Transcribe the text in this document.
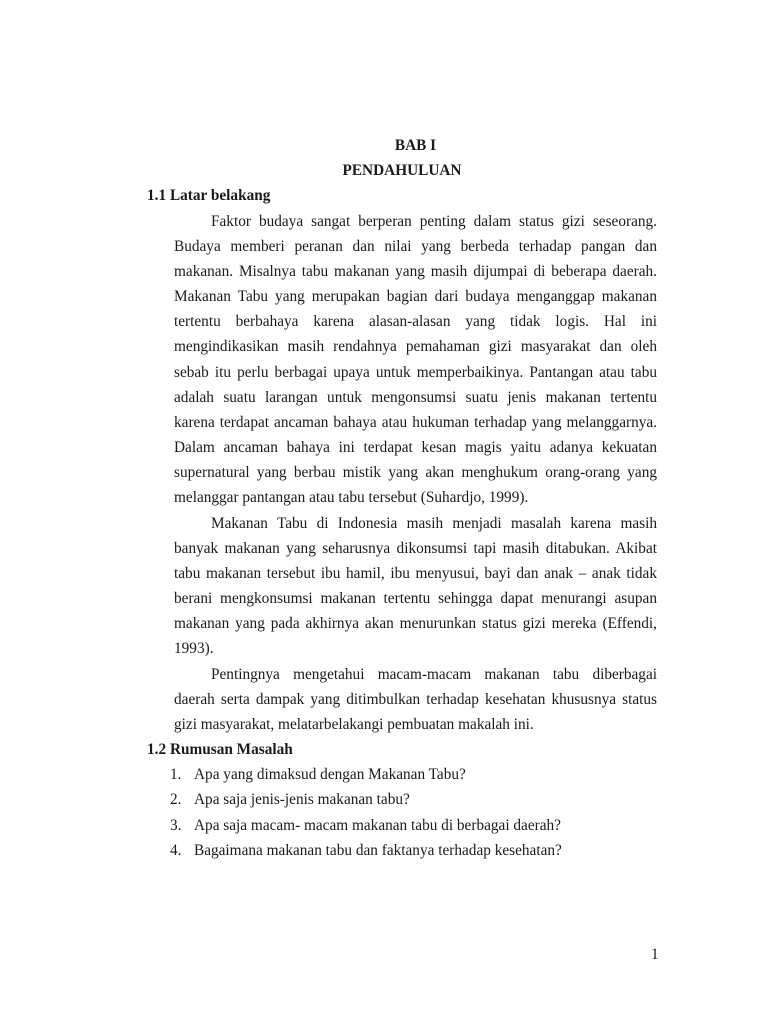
BAB I
PENDAHULUAN
1.1 Latar belakang
Faktor budaya sangat berperan penting dalam status gizi seseorang.
Budaya memberi peranan dan nilai yang berbeda terhadap pangan dan
makanan. Misalnya tabu makanan yang masih dijumpai di beberapa daerah.
Makanan Tabu yang merupakan bagian dari budaya menganggap makanan
tertentu berbahaya karena alasan-alasan yang tidak logis. Hal ini
mengindikasikan masih rendahnya pemahaman gizi masyarakat dan oleh
sebab itu perlu berbagai upaya untuk memperbaikinya. Pantangan atau tabu
adalah suatu larangan untuk mengonsumsi suatu jenis makanan tertentu
karena terdapat ancaman bahaya atau hukuman terhadap yang melanggarnya.
Dalam ancaman bahaya ini terdapat kesan magis yaitu adanya kekuatan
supernatural yang berbau mistik yang akan menghukum orang-orang yang
melanggar pantangan atau tabu tersebut (Suhardjo, 1999).
Makanan Tabu di Indonesia masih menjadi masalah karena masih
banyak makanan yang seharusnya dikonsumsi tapi masih ditabukan. Akibat
tabu makanan tersebut ibu hamil, ibu menyusui, bayi dan anak – anak tidak
berani mengkonsumsi makanan tertentu sehingga dapat menurangi asupan
makanan yang pada akhirnya akan menurunkan status gizi mereka (Effendi,
1993).
Pentingnya mengetahui macam-macam makanan tabu diberbagai
daerah serta dampak yang ditimbulkan terhadap kesehatan khususnya status
gizi masyarakat, melatarbelakangi pembuatan makalah ini.
1.2 Rumusan Masalah
1. Apa yang dimaksud dengan Makanan Tabu?
2. Apa saja jenis-jenis makanan tabu?
3. Apa saja macam- macam makanan tabu di berbagai daerah?
4. Bagaimana makanan tabu dan faktanya terhadap kesehatan?
1
